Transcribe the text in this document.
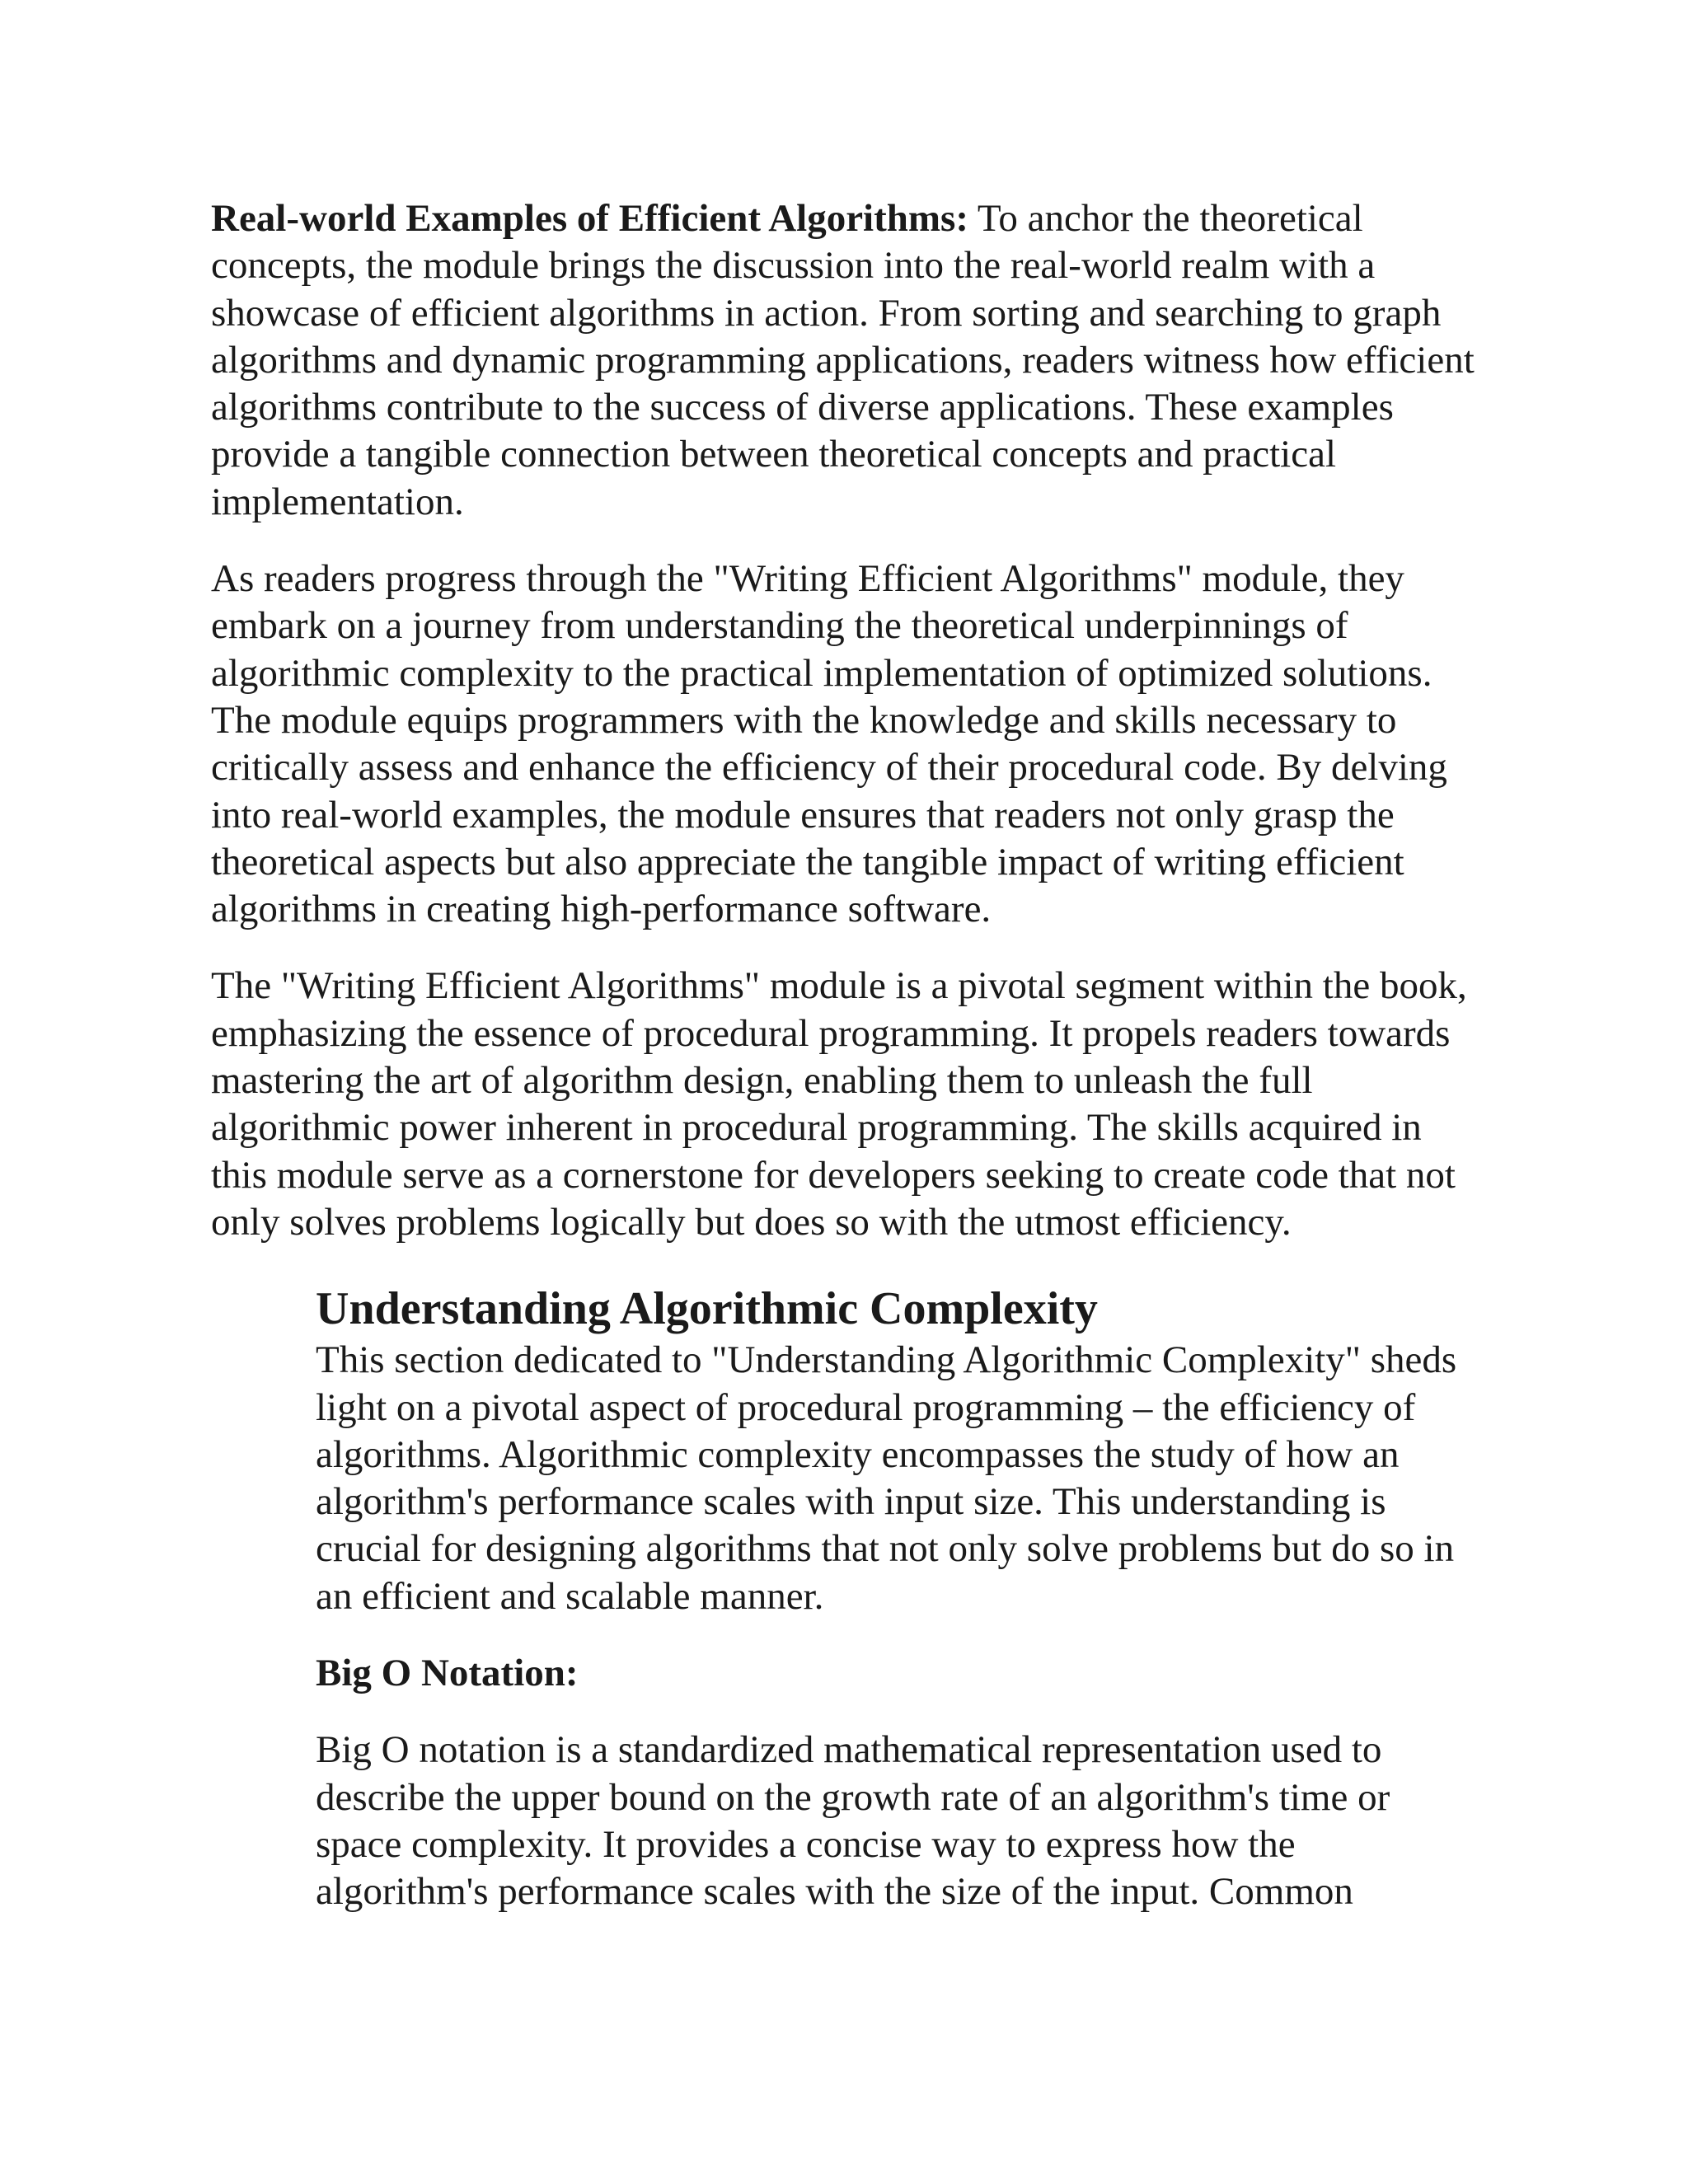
Real-world Examples of Efficient Algorithms: To anchor the theoretical concepts, the module brings the discussion into the real-world realm with a showcase of efficient algorithms in action. From sorting and searching to graph algorithms and dynamic programming applications, readers witness how efficient algorithms contribute to the success of diverse applications. These examples provide a tangible connection between theoretical concepts and practical implementation.

As readers progress through the "Writing Efficient Algorithms" module, they embark on a journey from understanding the theoretical underpinnings of algorithmic complexity to the practical implementation of optimized solutions. The module equips programmers with the knowledge and skills necessary to critically assess and enhance the efficiency of their procedural code. By delving into real-world examples, the module ensures that readers not only grasp the theoretical aspects but also appreciate the tangible impact of writing efficient algorithms in creating high-performance software.

The "Writing Efficient Algorithms" module is a pivotal segment within the book, emphasizing the essence of procedural programming. It propels readers towards mastering the art of algorithm design, enabling them to unleash the full algorithmic power inherent in procedural programming. The skills acquired in this module serve as a cornerstone for developers seeking to create code that not only solves problems logically but does so with the utmost efficiency.

Understanding Algorithmic Complexity

This section dedicated to "Understanding Algorithmic Complexity" sheds light on a pivotal aspect of procedural programming – the efficiency of algorithms. Algorithmic complexity encompasses the study of how an algorithm's performance scales with input size. This understanding is crucial for designing algorithms that not only solve problems but do so in an efficient and scalable manner.

Big O Notation:

Big O notation is a standardized mathematical representation used to describe the upper bound on the growth rate of an algorithm's time or space complexity. It provides a concise way to express how the algorithm's performance scales with the size of the input. Common
